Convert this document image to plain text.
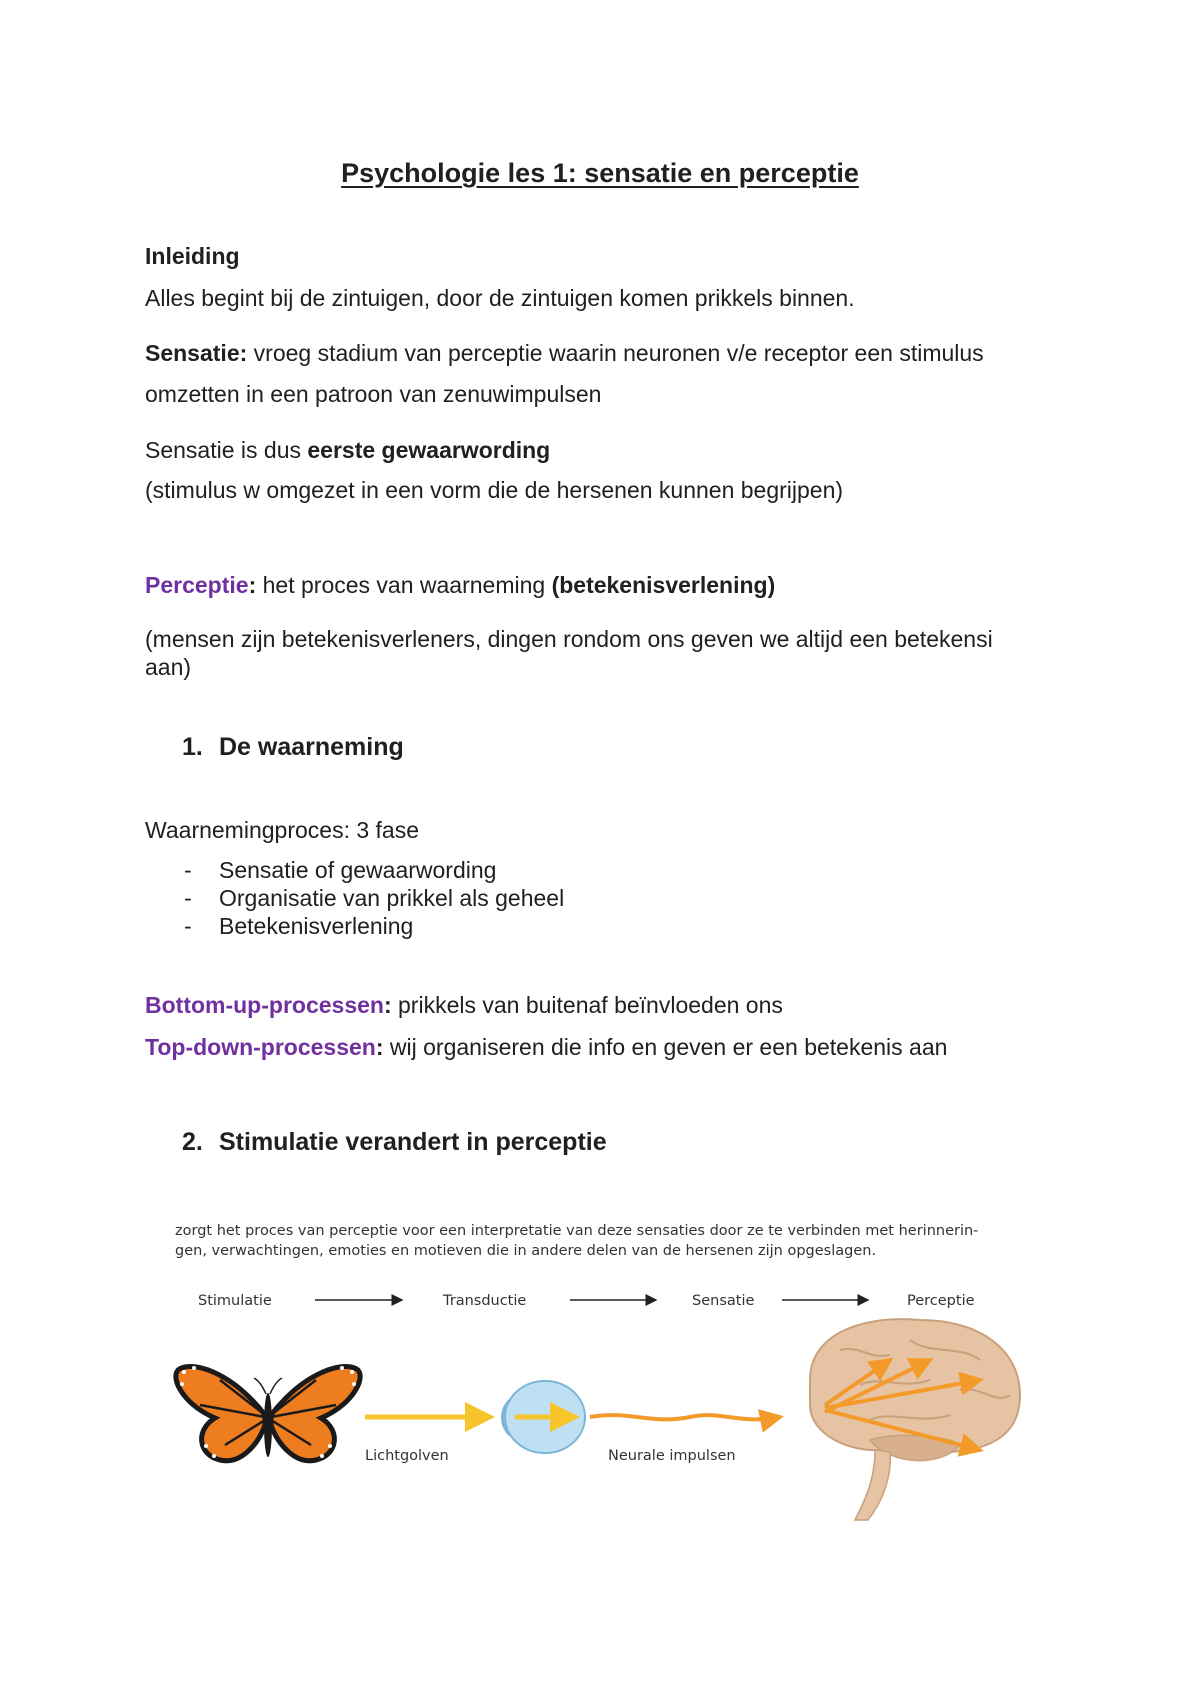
Psychologie les 1: sensatie en perceptie
Inleiding
Alles begint bij de zintuigen, door de zintuigen komen prikkels binnen.
Sensatie: vroeg stadium van perceptie waarin neuronen v/e receptor een stimulus
omzetten in een patroon van zenuwimpulsen
Sensatie is dus eerste gewaarwording
(stimulus w omgezet in een vorm die de hersenen kunnen begrijpen)
Perceptie: het proces van waarneming (betekenisverlening)
(mensen zijn betekenisverleners, dingen rondom ons geven we altijd een betekensi
aan)
1. De waarneming
Waarnemingproces: 3 fase
- Sensatie of gewaarwording
- Organisatie van prikkel als geheel
- Betekenisverlening
Bottom-up-processen: prikkels van buitenaf beïnvloeden ons
Top-down-processen: wij organiseren die info en geven er een betekenis aan
2. Stimulatie verandert in perceptie
zorgt het proces van perceptie voor een interpretatie van deze sensaties door ze te verbinden met herinnerin-
gen, verwachtingen, emoties en motieven die in andere delen van de hersenen zijn opgeslagen.
Stimulatie	Transductie	Sensatie	Perceptie
Lichtgolven	Neurale impulsen
